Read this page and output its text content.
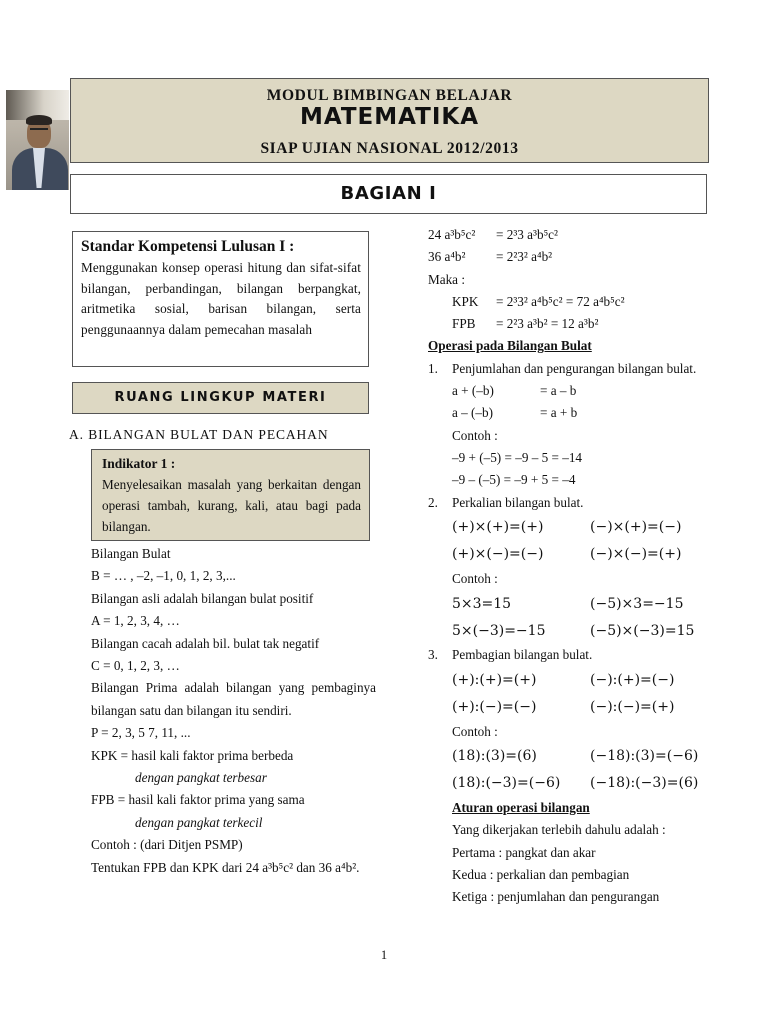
MODUL BIMBINGAN BELAJAR
MATEMATIKA
SIAP UJIAN NASIONAL 2012/2013
BAGIAN I
Standar Kompetensi Lulusan I :
Menggunakan konsep operasi hitung dan sifat-sifat bilangan, perbandingan, bilangan berpangkat, aritmetika sosial, barisan bilangan, serta penggunaannya dalam pemecahan masalah
RUANG LINGKUP MATERI
A. BILANGAN BULAT DAN PECAHAN
Indikator 1 :
Menyelesaikan masalah yang berkaitan dengan operasi tambah, kurang, kali, atau bagi pada bilangan.

Bilangan Bulat

B = … , –2, –1, 0, 1, 2, 3,...

Bilangan asli adalah bilangan bulat positif

A = 1, 2, 3, 4, …

Bilangan cacah adalah bil. bulat tak negatif

C = 0, 1, 2, 3, …

Bilangan Prima adalah bilangan yang pembaginya bilangan satu dan bilangan itu sendiri.

P = 2, 3, 5 7, 11, ...

KPK = hasil kali faktor prima berbeda

dengan pangkat terbesar

FPB = hasil kali faktor prima yang sama

dengan pangkat terkecil

Contoh : (dari Ditjen PSMP)

Tentukan FPB dan KPK dari 24 a³b⁵c² dan 36 a⁴b².

24 a³b⁵c²	= 2³3 a³b⁵c²

36 a⁴b²	= 2²3² a⁴b²

Maka :

KPK	= 2³3² a⁴b⁵c² = 72 a⁴b⁵c²

FPB	= 2²3 a³b² = 12 a³b²

Operasi pada Bilangan Bulat

1.	Penjumlahan dan pengurangan bilangan bulat.

a + (–b)	= a – b

a – (–b)	= a + b

Contoh :

–9 + (–5) = –9 – 5 = –14

–9 – (–5) = –9 + 5 = –4

2.	Perkalian bilangan bulat.

(+)×(+)=(+)	(−)×(+)=(−)
(+)×(−)=(−)	(−)×(−)=(+)

Contoh :

5×3=15	(−5)×3=−15
5×(−3)=−15	(−5)×(−3)=15
3.	Pembagian bilangan bulat.

(+):(+)=(+)	(−):(+)=(−)
(+):(−)=(−)	(−):(−)=(+)

Contoh :

(18):(3)=(6)	(−18):(3)=(−6)
(18):(−3)=(−6)	(−18):(−3)=(6)

Aturan operasi bilangan

Yang dikerjakan terlebih dahulu adalah :

Pertama : pangkat dan akar

Kedua : perkalian dan pembagian

Ketiga : penjumlahan dan pengurangan

1
